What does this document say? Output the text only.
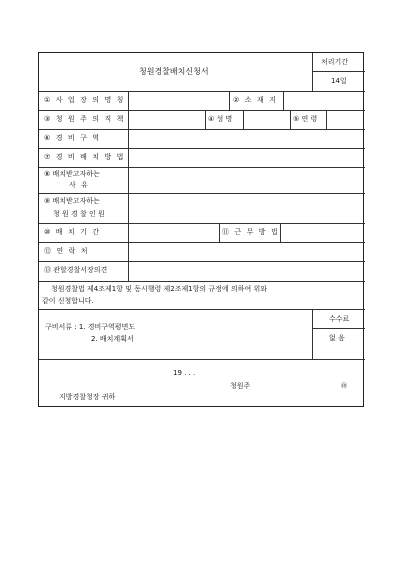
청원경찰배치신청서
처리기간
14일
① 사 업 장 의 명 칭	② 소 재 지
③ 청 원 주 의 직 책	④ 성 명	⑤ 연 령
⑥ 경 비 구 역
⑦ 경 비 배 치 방 법
⑧ 배치받고자하는
사 유
⑨ 배치받고자하는
청 원 경 찰 인 원
⑩ 배 치 기 간	⑪ 근 무 방 법
⑫ 연 락 처
⑬ 관할경찰서장의견
청원경찰법 제4조제1항 및 동시행령 제2조제1항의 규정에 의하여 위와
같이 신청합니다.
구비서류 : 1. 경비구역평면도
2. 배치계획서
수수료
없 음
19 . . .
청원주	㊞
지방경찰청장 귀하
